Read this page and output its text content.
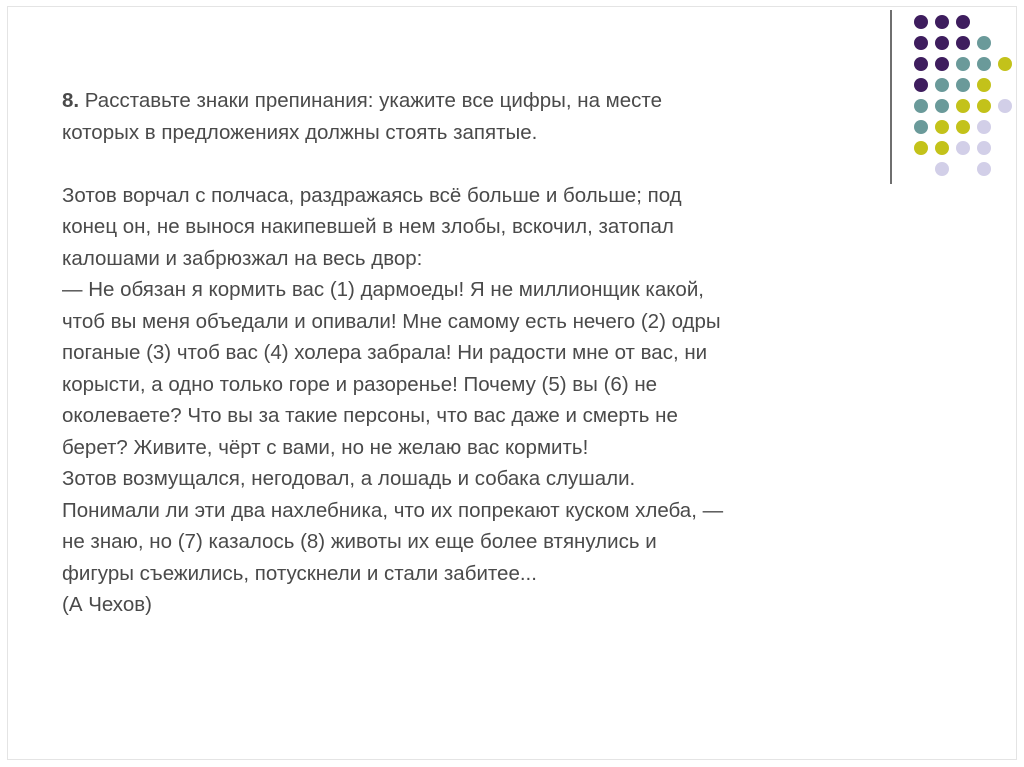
8. Расставьте знаки препинания: укажите все цифры, на месте

которых в предложениях должны стоять запятые.

Зотов ворчал с полчаса, раздражаясь всё больше и больше; под

конец он, не вынося накипевшей в нем злобы, вскочил, затопал

калошами и забрюзжал на весь двор:

— Не обязан я кормить вас (1) дармоеды! Я не миллионщик какой,

чтоб вы меня объедали и опивали! Мне самому есть нечего (2) одры

поганые (3) чтоб вас (4) холера забрала! Ни радости мне от вас, ни

корысти, а одно только горе и разоренье! Почему (5) вы (6) не

околеваете? Что вы за такие персоны, что вас даже и смерть не

берет? Живите, чёрт с вами, но не желаю вас кормить!

Зотов возмущался, негодовал, а лошадь и собака слушали.

Понимали ли эти два нахлебника, что их попрекают куском хлеба, —

не знаю, но (7) казалось (8) животы их еще более втянулись и

фигуры съежились, потускнели и стали забитее...

(А Чехов)
